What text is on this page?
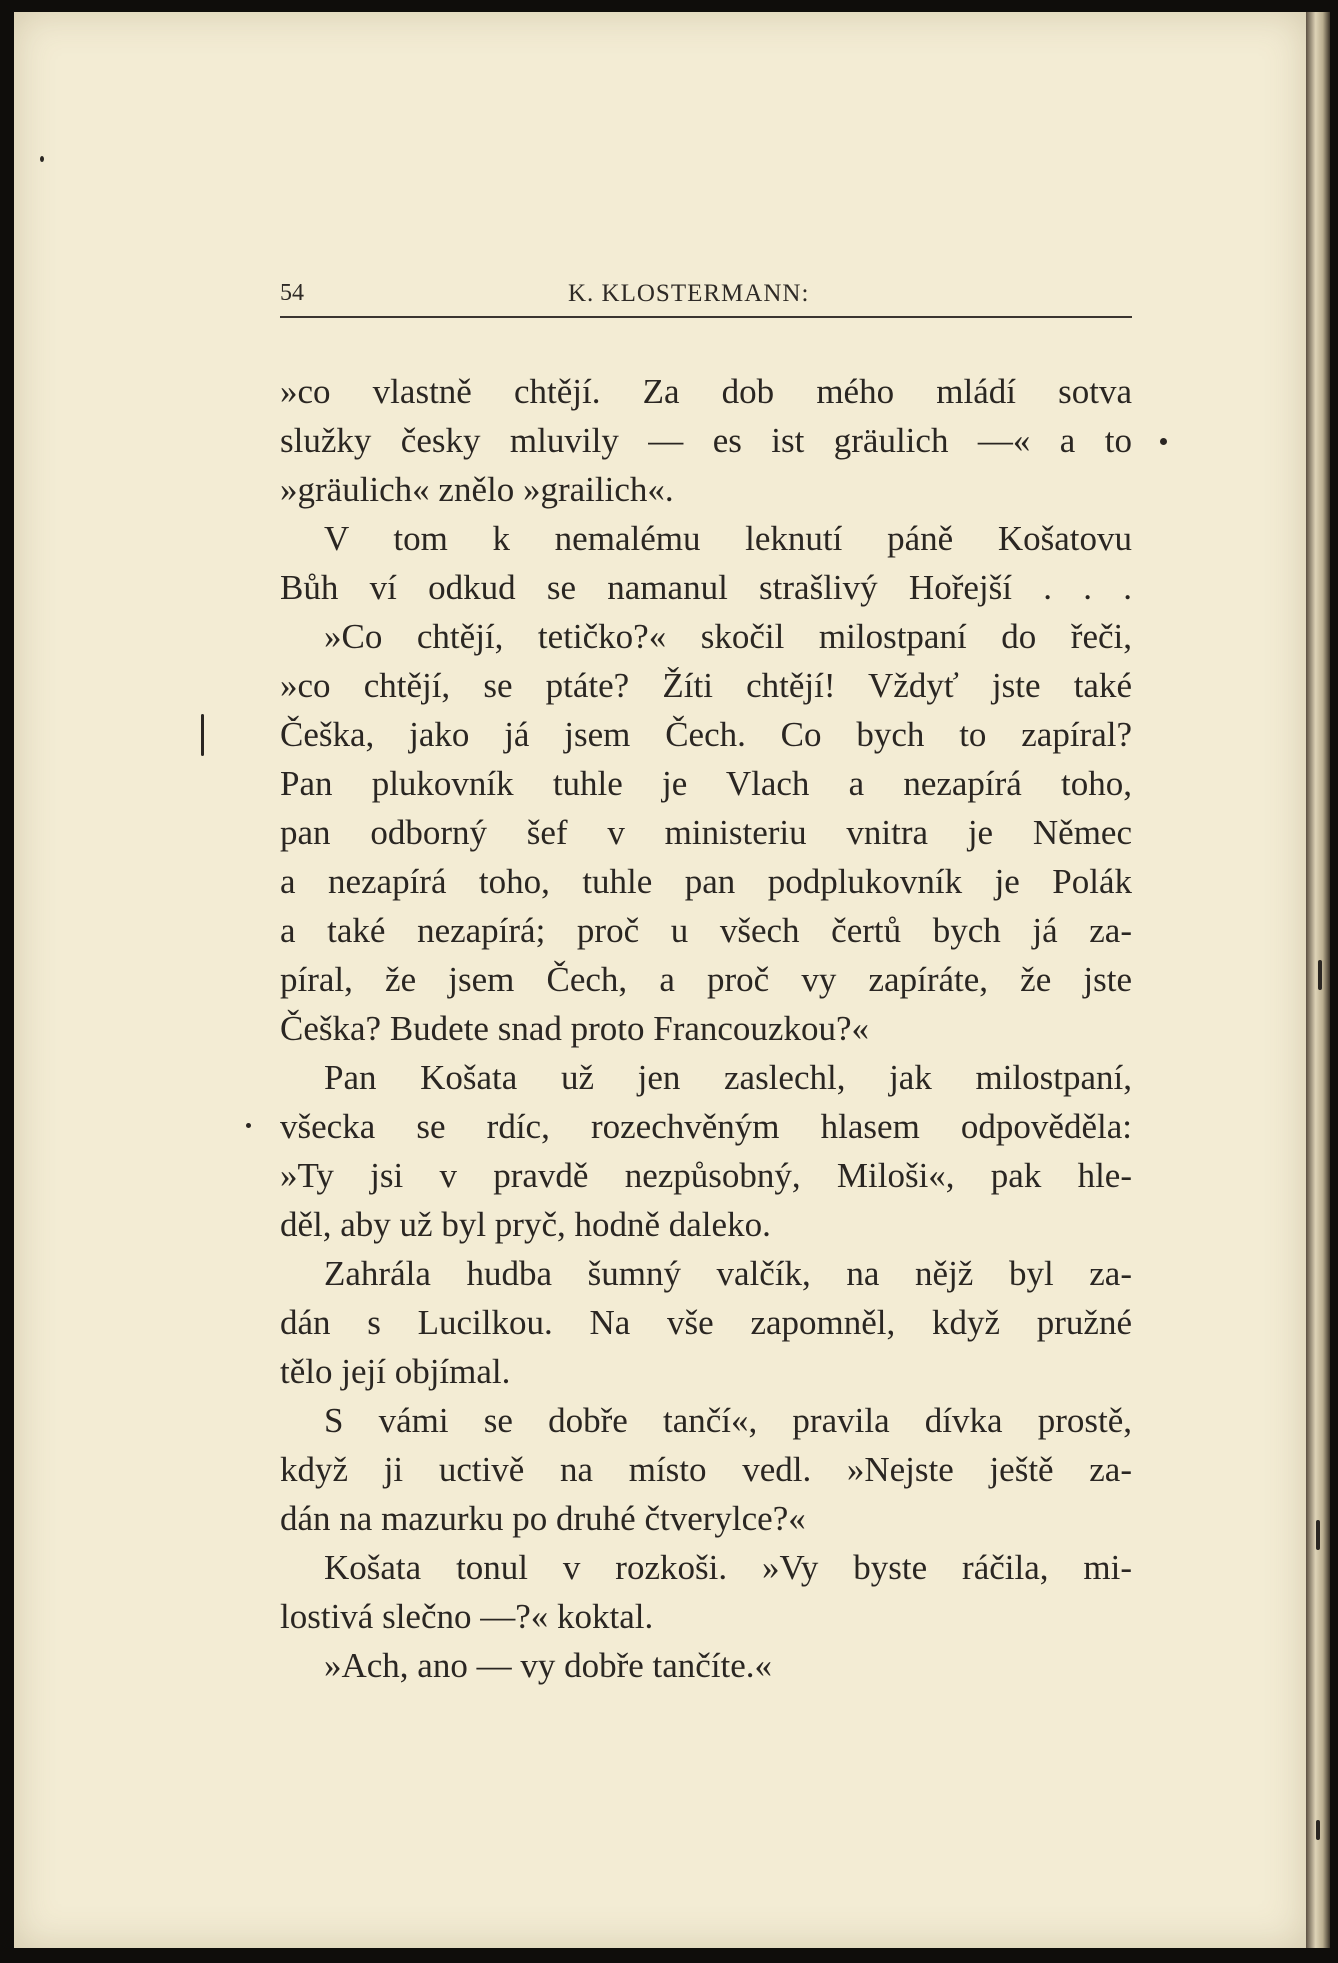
54	K. KLOSTERMANN:
»co vlastně chtějí. Za dob mého mládí sotva
služky česky mluvily — es ist gräulich —« a to
»gräulich« znělo »grailich«.
V tom k nemalému leknutí páně Košatovu
Bůh ví odkud se namanul strašlivý Hořejší . . .
»Co chtějí, tetičko?« skočil milostpaní do řeči,
»co chtějí, se ptáte? Žíti chtějí! Vždyť jste také
Češka, jako já jsem Čech. Co bych to zapíral?
Pan plukovník tuhle je Vlach a nezapírá toho,
pan odborný šef v ministeriu vnitra je Němec
a nezapírá toho, tuhle pan podplukovník je Polák
a také nezapírá; proč u všech čertů bych já za-
píral, že jsem Čech, a proč vy zapíráte, že jste
Češka? Budete snad proto Francouzkou?«
Pan Košata už jen zaslechl, jak milostpaní,
všecka se rdíc, rozechvěným hlasem odpověděla:
»Ty jsi v pravdě nezpůsobný, Miloši«, pak hle-
děl, aby už byl pryč, hodně daleko.
Zahrála hudba šumný valčík, na nějž byl za-
dán s Lucilkou. Na vše zapomněl, když pružné
tělo její objímal.
S vámi se dobře tančí«, pravila dívka prostě,
když ji uctivě na místo vedl. »Nejste ještě za-
dán na mazurku po druhé čtverylce?«
Košata tonul v rozkoši. »Vy byste ráčila, mi-
lostivá slečno —?« koktal.
»Ach, ano — vy dobře tančíte.«
